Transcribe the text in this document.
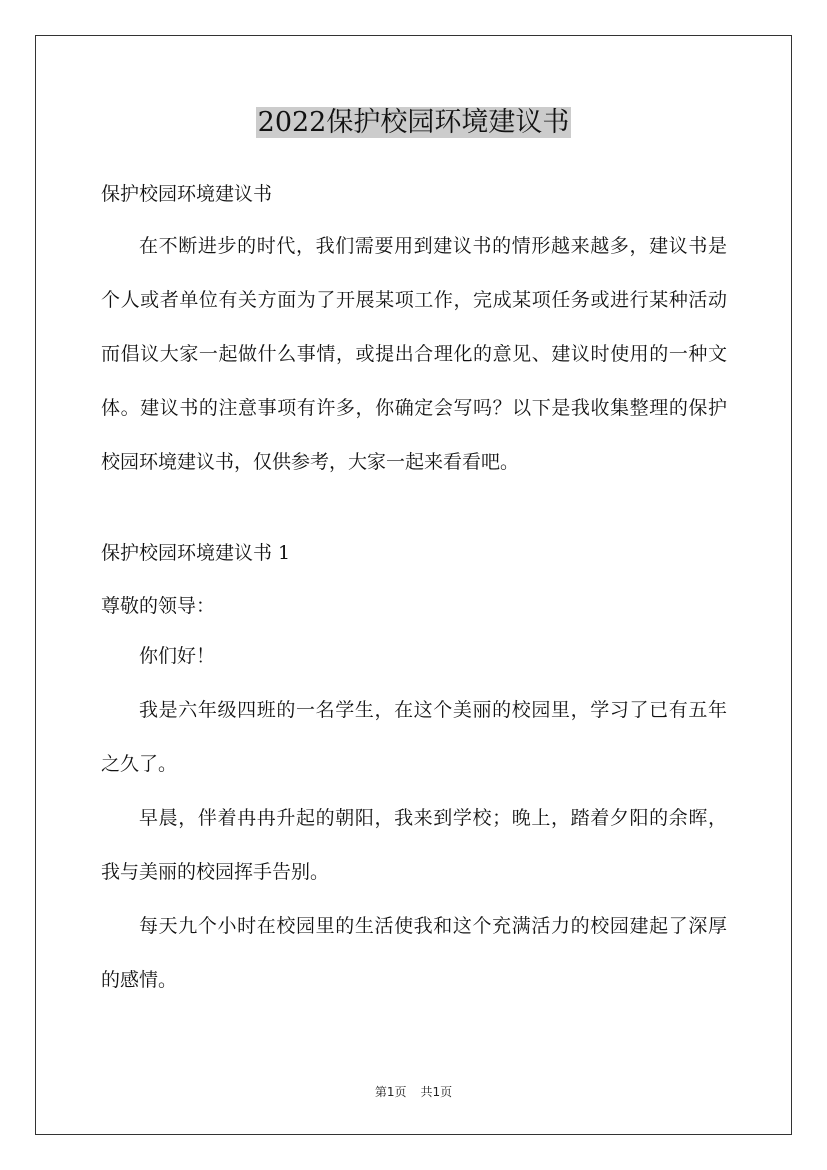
2022保护校园环境建议书
保护校园环境建议书

在不断进步的时代，我们需要用到建议书的情形越来越多，建议书是个人或者单位有关方面为了开展某项工作，完成某项任务或进行某种活动而倡议大家一起做什么事情，或提出合理化的意见、建议时使用的一种文体。建议书的注意事项有许多，你确定会写吗？以下是我收集整理的保护校园环境建议书，仅供参考，大家一起来看看吧。

保护校园环境建议书 1
尊敬的领导：

你们好！

我是六年级四班的一名学生，在这个美丽的校园里，学习了已有五年之久了。

早晨，伴着冉冉升起的朝阳，我来到学校；晚上，踏着夕阳的余晖，我与美丽的校园挥手告别。

每天九个小时在校园里的生活使我和这个充满活力的校园建起了深厚的感情。

第1页 共1页
